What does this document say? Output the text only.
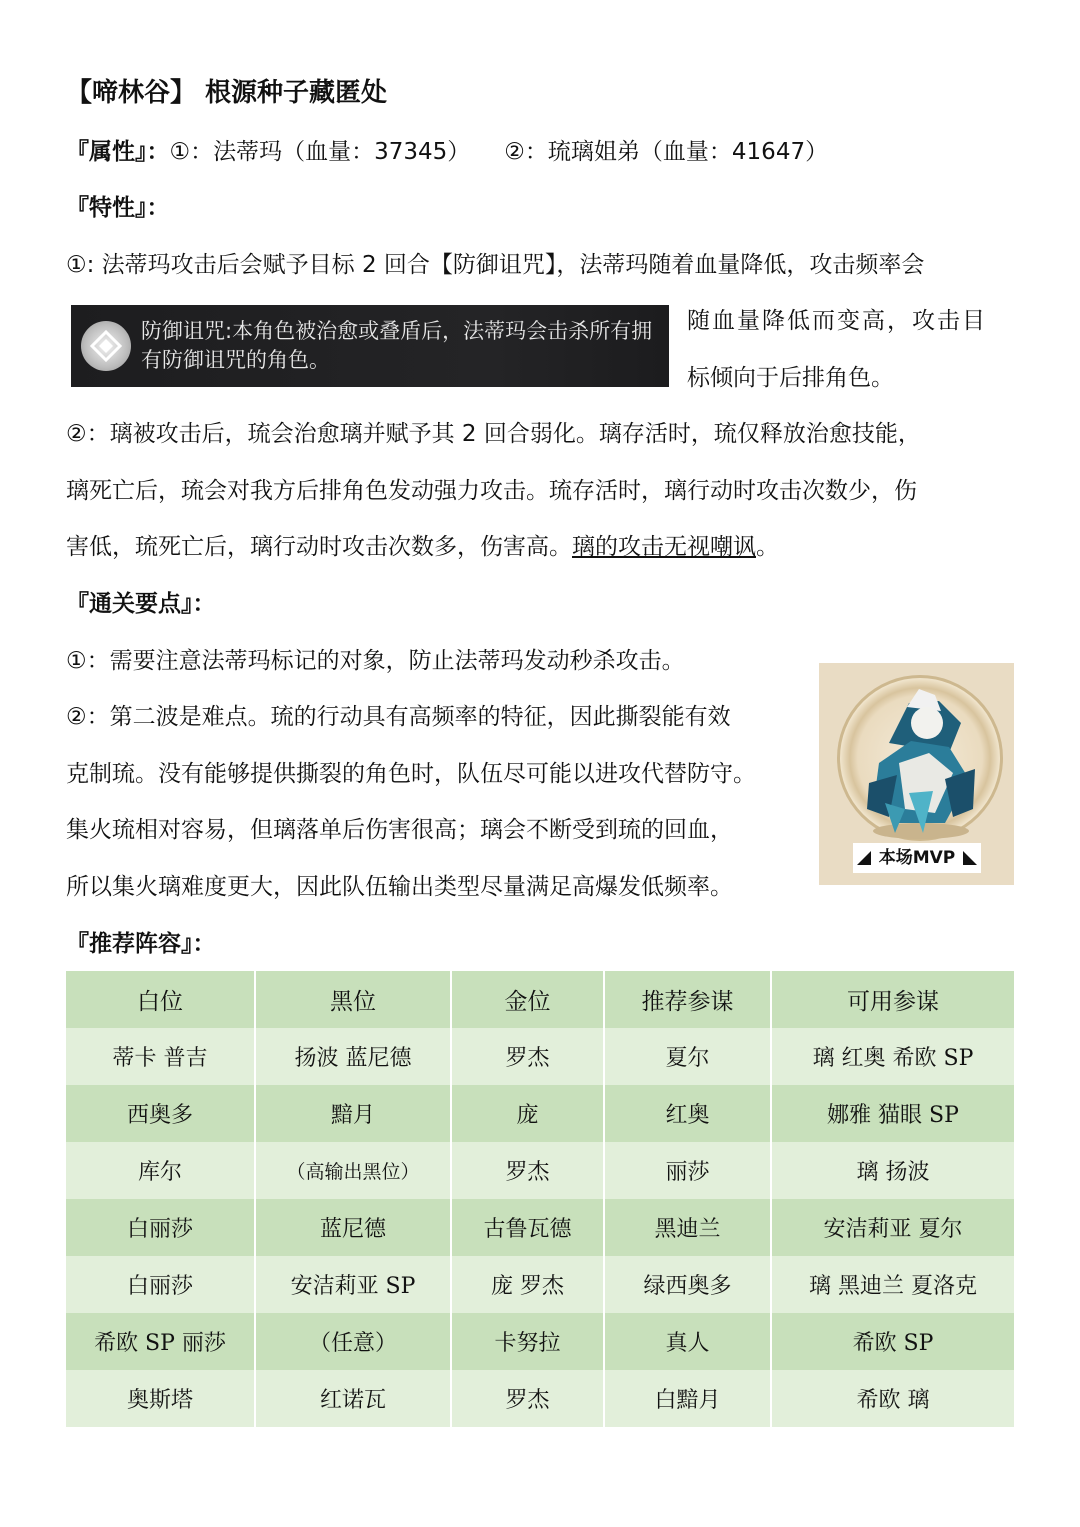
【啼林谷】 根源种子藏匿处
『属性』：①：法蒂玛（血量：37345） ②：琉璃姐弟（血量：41647）
『特性』：
①: 法蒂玛攻击后会赋予目标 2 回合【防御诅咒】，法蒂玛随着血量降低，攻击频率会
防御诅咒:本角色被治愈或叠盾后，法蒂玛会击杀所有拥有防御诅咒的角色。
随血量降低而变高，攻击目
标倾向于后排角色。
②：璃被攻击后，琉会治愈璃并赋予其 2 回合弱化。璃存活时，琉仅释放治愈技能，
璃死亡后，琉会对我方后排角色发动强力攻击。琉存活时，璃行动时攻击次数少，伤
害低，琉死亡后，璃行动时攻击次数多，伤害高。璃的攻击无视嘲讽。
『通关要点』：
①：需要注意法蒂玛标记的对象，防止法蒂玛发动秒杀攻击。
②：第二波是难点。琉的行动具有高频率的特征，因此撕裂能有效
克制琉。没有能够提供撕裂的角色时，队伍尽可能以进攻代替防守。
集火琉相对容易，但璃落单后伤害很高；璃会不断受到琉的回血，
所以集火璃难度更大，因此队伍输出类型尽量满足高爆发低频率。
本场MVP
『推荐阵容』：
白位	黑位	金位	推荐参谋	可用参谋
蒂卡 普吉	扬波 蓝尼德	罗杰	夏尔	璃 红奥 希欧 SP
西奥多	黯月	庞	红奥	娜雅 猫眼 SP
库尔	（高输出黑位）	罗杰	丽莎	璃 扬波
白丽莎	蓝尼德	古鲁瓦德	黑迪兰	安洁莉亚 夏尔
白丽莎	安洁莉亚 SP	庞 罗杰	绿西奥多	璃 黑迪兰 夏洛克
希欧 SP 丽莎	（任意）	卡努拉	真人	希欧 SP
奥斯塔	红诺瓦	罗杰	白黯月	希欧 璃
